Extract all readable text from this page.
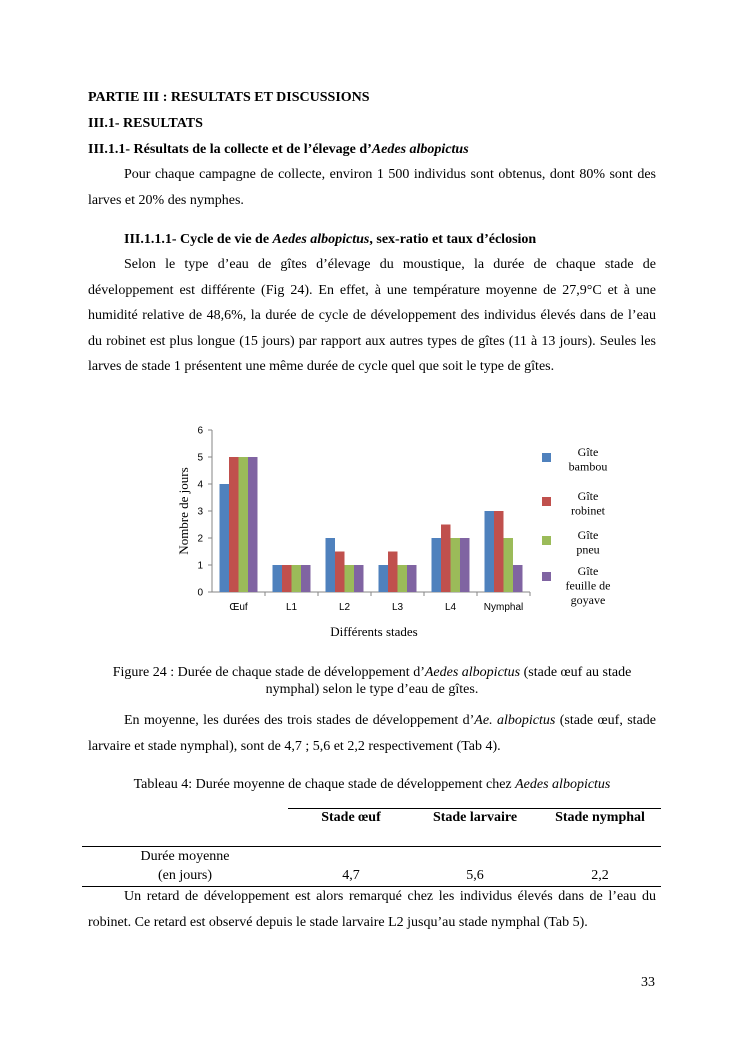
PARTIE III : RESULTATS ET DISCUSSIONS
III.1- RESULTATS
III.1.1- Résultats de la collecte et de l’élevage d’Aedes albopictus
Pour chaque campagne de collecte, environ 1 500 individus sont obtenus, dont 80% sont des larves et 20% des nymphes.
III.1.1.1- Cycle de vie de Aedes albopictus, sex-ratio et taux d’éclosion
Selon le type d’eau de gîtes d’élevage du moustique, la durée de chaque stade de développement est différente (Fig 24). En effet, à une température moyenne de 27,9°C et à une humidité relative de 48,6%, la durée de cycle de développement des individus élevés dans de l’eau du robinet est plus longue (15 jours) par rapport aux autres types de gîtes (11 à 13 jours). Seules les larves de stade 1 présentent une même durée de cycle quel que soit le type de gîtes.
0
1
2
3
4
5
6
Œuf	L1	L2	L3	L4	Nymphal
Nombre de jours
Différents stades
Gîte bambou
Gîte robinet
Gîte pneu
Gîte feuille de goyave
Figure 24 : Durée de chaque stade de développement d’Aedes albopictus (stade œuf au stade nymphal) selon le type d’eau de gîtes.
En moyenne, les durées des trois stades de développement d’Ae. albopictus (stade œuf, stade larvaire et stade nymphal), sont de 4,7 ; 5,6 et 2,2 respectivement (Tab 4).
Tableau 4: Durée moyenne de chaque stade de développement chez Aedes albopictus
Stade œuf	Stade larvaire	Stade nymphal
Durée moyenne
(en jours)	4,7	5,6	2,2
Un retard de développement est alors remarqué chez les individus élevés dans de l’eau du robinet. Ce retard est observé depuis le stade larvaire L2 jusqu’au stade nymphal (Tab 5).
33
